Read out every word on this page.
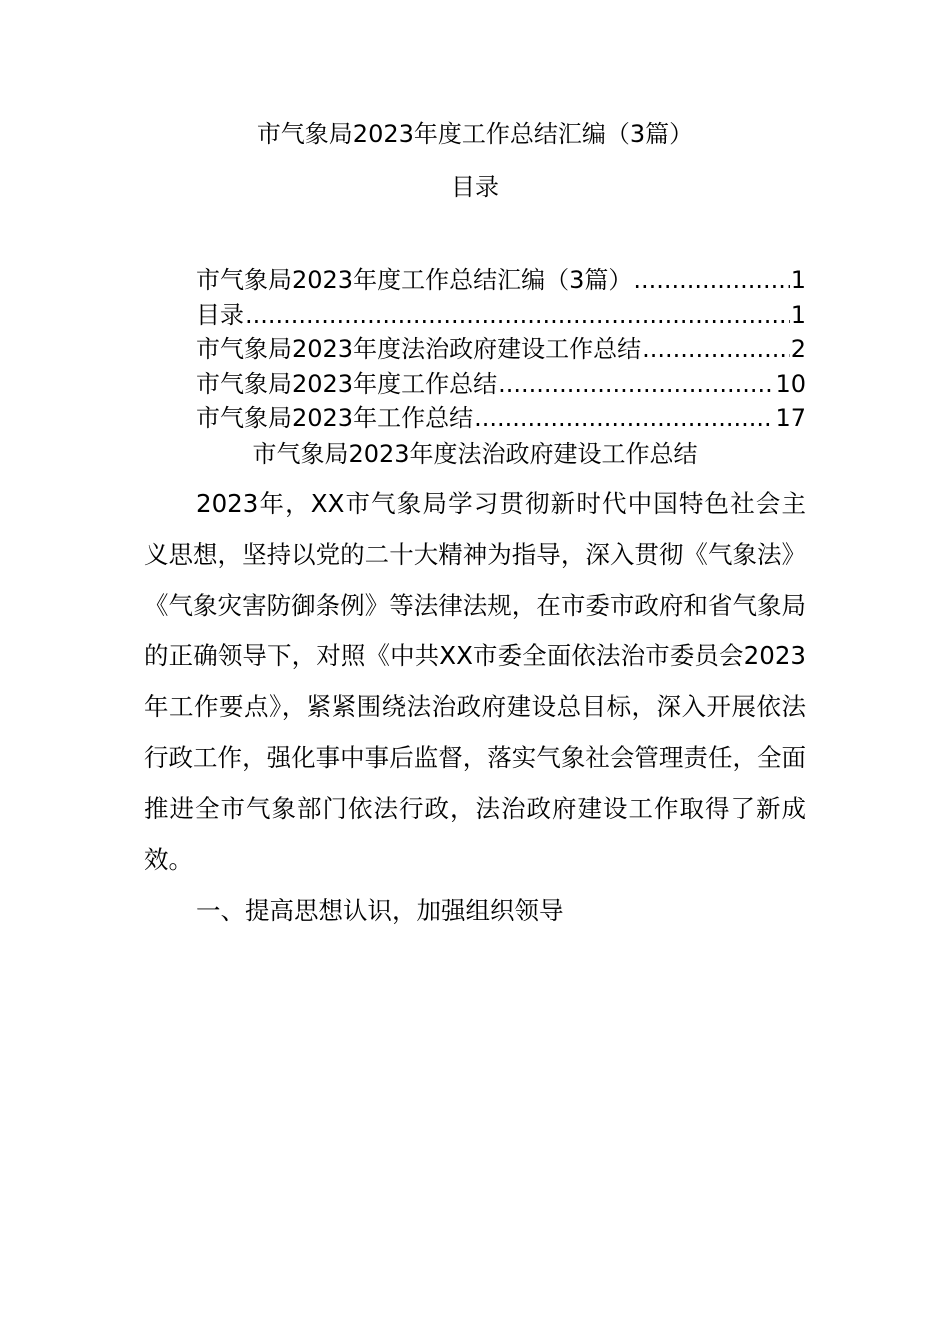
市气象局2023年度工作总结汇编（3篇）
目录
市气象局2023年度工作总结汇编（3篇） .....	1
目录 .....	1
市气象局2023年度法治政府建设工作总结 .....	2
市气象局2023年度工作总结 .....	10
市气象局2023年工作总结 .....	17
市气象局2023年度法治政府建设工作总结

2023年，XX市气象局学习贯彻新时代中国特色社会主义思想，坚持以党的二十大精神为指导，深入贯彻《气象法》《气象灾害防御条例》等法律法规，在市委市政府和省气象局的正确领导下，对照《中共XX市委全面依法治市委员会2023年工作要点》，紧紧围绕法治政府建设总目标，深入开展依法行政工作，强化事中事后监督，落实气象社会管理责任，全面推进全市气象部门依法行政，法治政府建设工作取得了新成效。

一、提高思想认识，加强组织领导
